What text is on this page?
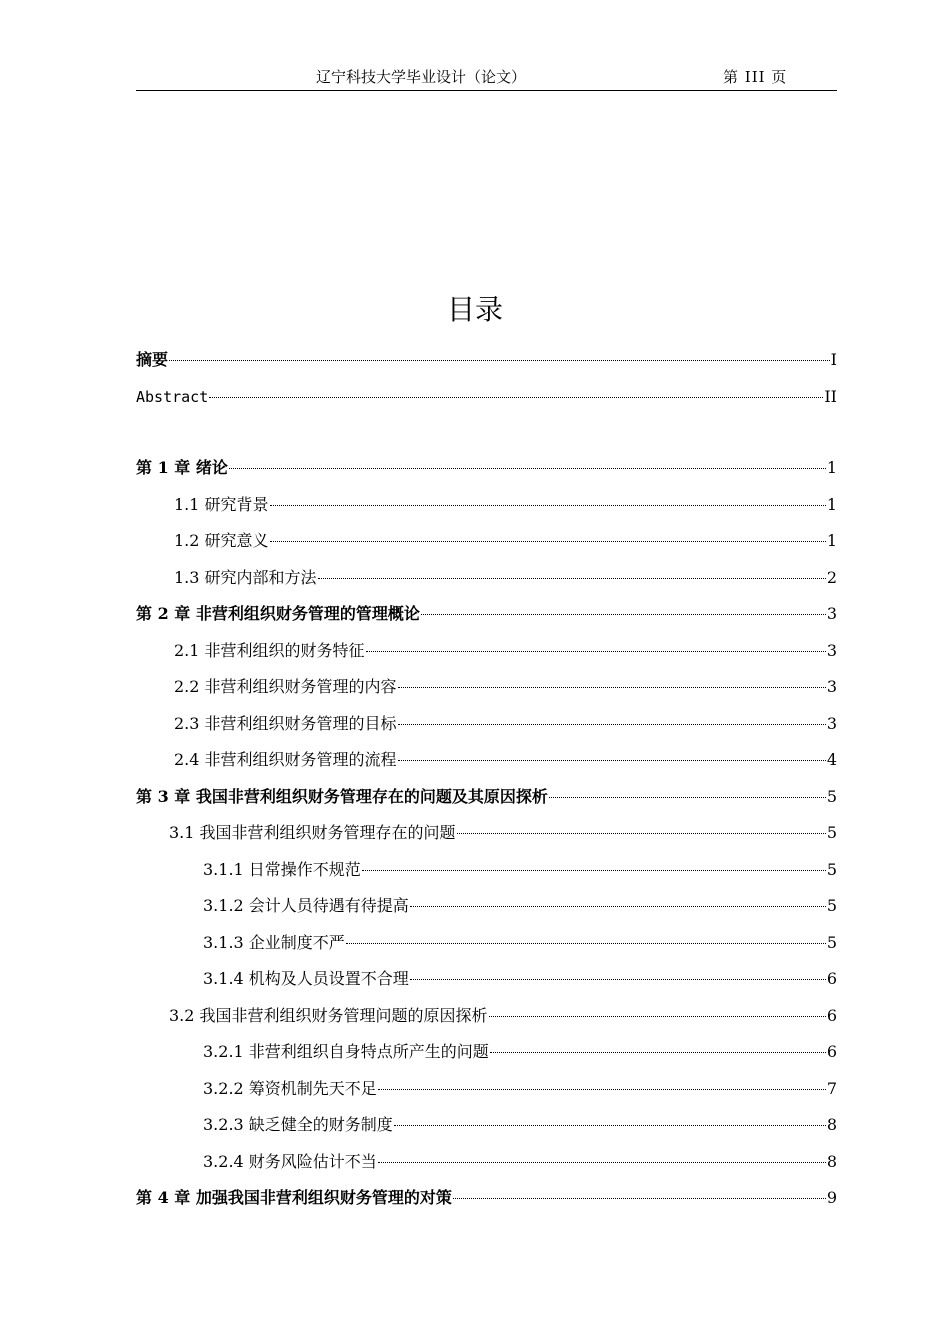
辽宁科技大学毕业设计（论文）	第 III 页
目录
摘要	I
Abstract	II
第 1 章 绪论	1
1.1 研究背景	1
1.2 研究意义	1
1.3 研究内部和方法	2
第 2 章 非营利组织财务管理的管理概论	3
2.1 非营利组织的财务特征	3
2.2 非营利组织财务管理的内容	3
2.3 非营利组织财务管理的目标	3
2.4 非营利组织财务管理的流程	4
第 3 章 我国非营利组织财务管理存在的问题及其原因探析	5
3.1 我国非营利组织财务管理存在的问题	5
3.1.1 日常操作不规范	5
3.1.2 会计人员待遇有待提高	5
3.1.3 企业制度不严	5
3.1.4 机构及人员设置不合理	6
3.2 我国非营利组织财务管理问题的原因探析	6
3.2.1 非营利组织自身特点所产生的问题	6
3.2.2 筹资机制先天不足	7
3.2.3 缺乏健全的财务制度	8
3.2.4 财务风险估计不当	8
第 4 章 加强我国非营利组织财务管理的对策	9
